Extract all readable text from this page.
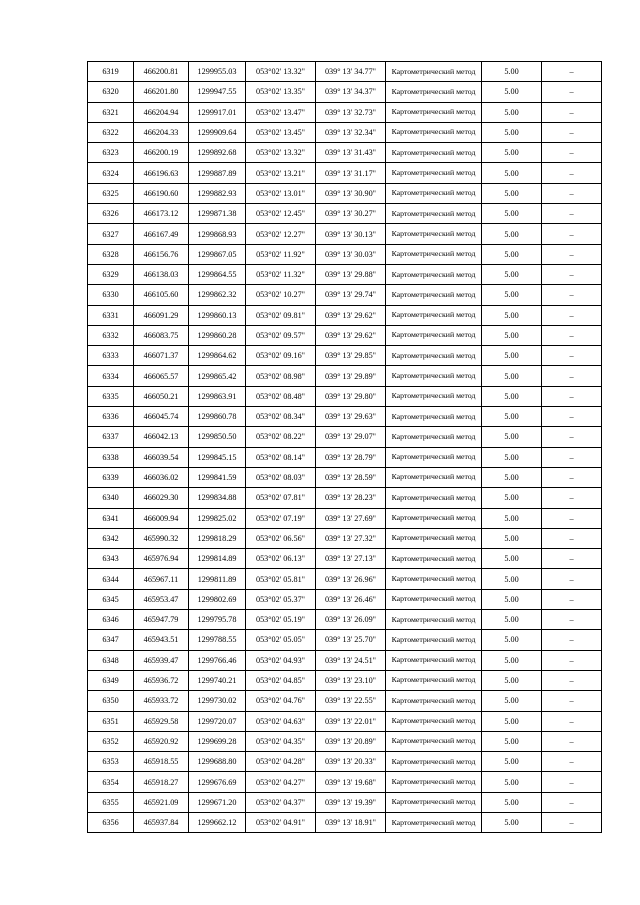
6319	466200.81	1299955.03	053°02' 13.32"	039° 13' 34.77"	Картометрический метод	5.00	–
6320	466201.80	1299947.55	053°02' 13.35"	039° 13' 34.37"	Картометрический метод	5.00	–
6321	466204.94	1299917.01	053°02' 13.47"	039° 13' 32.73"	Картометрический метод	5.00	–
6322	466204.33	1299909.64	053°02' 13.45"	039° 13' 32.34"	Картометрический метод	5.00	–
6323	466200.19	1299892.68	053°02' 13.32"	039° 13' 31.43"	Картометрический метод	5.00	–
6324	466196.63	1299887.89	053°02' 13.21"	039° 13' 31.17"	Картометрический метод	5.00	–
6325	466190.60	1299882.93	053°02' 13.01"	039° 13' 30.90"	Картометрический метод	5.00	–
6326	466173.12	1299871.38	053°02' 12.45"	039° 13' 30.27"	Картометрический метод	5.00	–
6327	466167.49	1299868.93	053°02' 12.27"	039° 13' 30.13"	Картометрический метод	5.00	–
6328	466156.76	1299867.05	053°02' 11.92"	039° 13' 30.03"	Картометрический метод	5.00	–
6329	466138.03	1299864.55	053°02' 11.32"	039° 13' 29.88"	Картометрический метод	5.00	–
6330	466105.60	1299862.32	053°02' 10.27"	039° 13' 29.74"	Картометрический метод	5.00	–
6331	466091.29	1299860.13	053°02' 09.81"	039° 13' 29.62"	Картометрический метод	5.00	–
6332	466083.75	1299860.28	053°02' 09.57"	039° 13' 29.62"	Картометрический метод	5.00	–
6333	466071.37	1299864.62	053°02' 09.16"	039° 13' 29.85"	Картометрический метод	5.00	–
6334	466065.57	1299865.42	053°02' 08.98"	039° 13' 29.89"	Картометрический метод	5.00	–
6335	466050.21	1299863.91	053°02' 08.48"	039° 13' 29.80"	Картометрический метод	5.00	–
6336	466045.74	1299860.78	053°02' 08.34"	039° 13' 29.63"	Картометрический метод	5.00	–
6337	466042.13	1299850.50	053°02' 08.22"	039° 13' 29.07"	Картометрический метод	5.00	–
6338	466039.54	1299845.15	053°02' 08.14"	039° 13' 28.79"	Картометрический метод	5.00	–
6339	466036.02	1299841.59	053°02' 08.03"	039° 13' 28.59"	Картометрический метод	5.00	–
6340	466029.30	1299834.88	053°02' 07.81"	039° 13' 28.23"	Картометрический метод	5.00	–
6341	466009.94	1299825.02	053°02' 07.19"	039° 13' 27.69"	Картометрический метод	5.00	–
6342	465990.32	1299818.29	053°02' 06.56"	039° 13' 27.32"	Картометрический метод	5.00	–
6343	465976.94	1299814.89	053°02' 06.13"	039° 13' 27.13"	Картометрический метод	5.00	–
6344	465967.11	1299811.89	053°02' 05.81"	039° 13' 26.96"	Картометрический метод	5.00	–
6345	465953.47	1299802.69	053°02' 05.37"	039° 13' 26.46"	Картометрический метод	5.00	–
6346	465947.79	1299795.78	053°02' 05.19"	039° 13' 26.09"	Картометрический метод	5.00	–
6347	465943.51	1299788.55	053°02' 05.05"	039° 13' 25.70"	Картометрический метод	5.00	–
6348	465939.47	1299766.46	053°02' 04.93"	039° 13' 24.51"	Картометрический метод	5.00	–
6349	465936.72	1299740.21	053°02' 04.85"	039° 13' 23.10"	Картометрический метод	5.00	–
6350	465933.72	1299730.02	053°02' 04.76"	039° 13' 22.55"	Картометрический метод	5.00	–
6351	465929.58	1299720.07	053°02' 04.63"	039° 13' 22.01"	Картометрический метод	5.00	–
6352	465920.92	1299699.28	053°02' 04.35"	039° 13' 20.89"	Картометрический метод	5.00	–
6353	465918.55	1299688.80	053°02' 04.28"	039° 13' 20.33"	Картометрический метод	5.00	–
6354	465918.27	1299676.69	053°02' 04.27"	039° 13' 19.68"	Картометрический метод	5.00	–
6355	465921.09	1299671.20	053°02' 04.37"	039° 13' 19.39"	Картометрический метод	5.00	–
6356	465937.84	1299662.12	053°02' 04.91"	039° 13' 18.91"	Картометрический метод	5.00	–
